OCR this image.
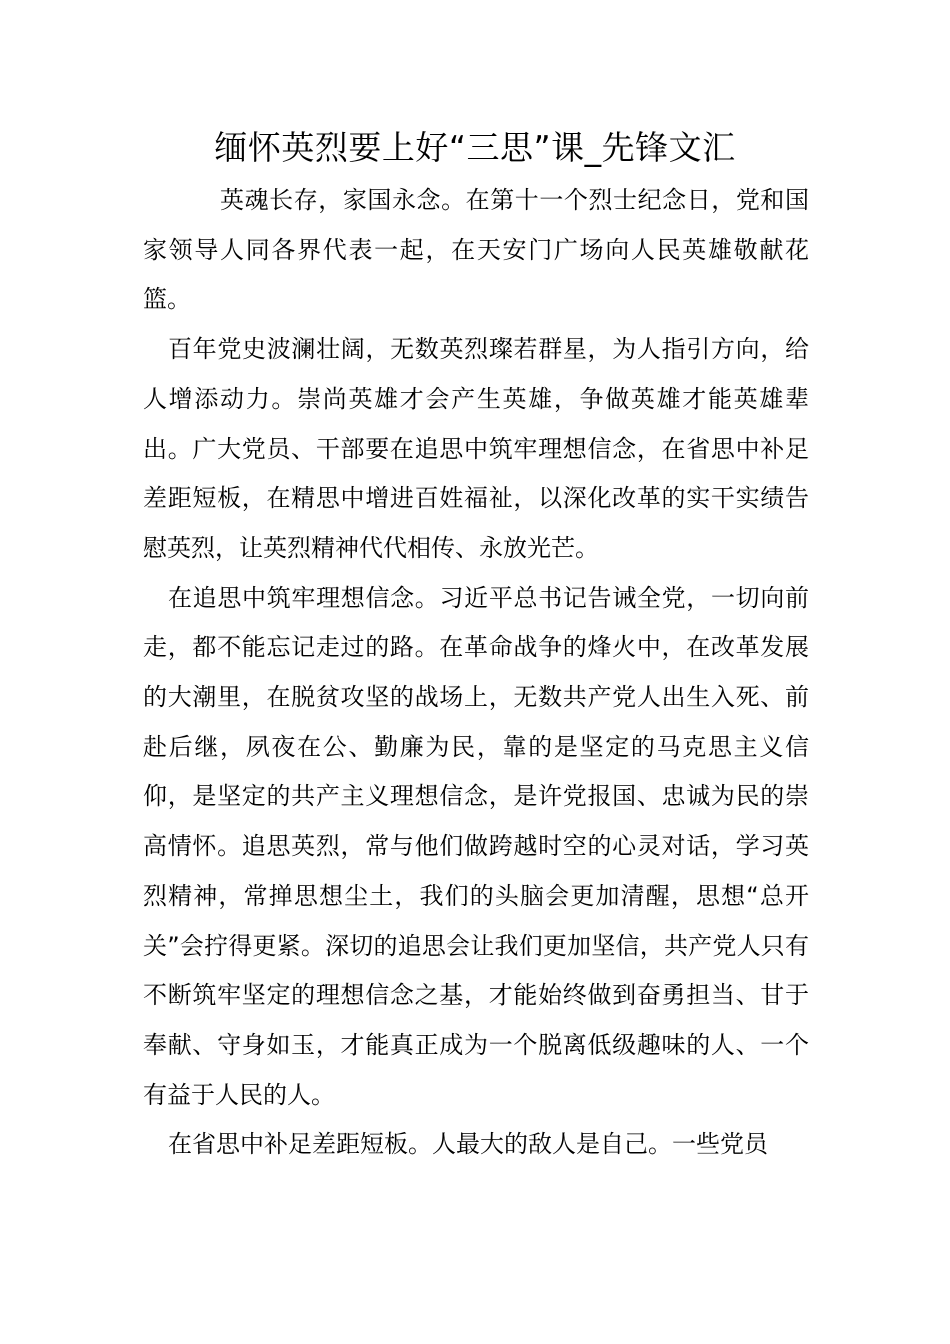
缅怀英烈要上好“三思”课_先锋文汇

英魂长存，家国永念。在第十一个烈士纪念日，党和国家领导人同各界代表一起，在天安门广场向人民英雄敬献花篮。

百年党史波澜壮阔，无数英烈璨若群星，为人指引方向，给人增添动力。崇尚英雄才会产生英雄，争做英雄才能英雄辈出。广大党员、干部要在追思中筑牢理想信念，在省思中补足差距短板，在精思中增进百姓福祉，以深化改革的实干实绩告慰英烈，让英烈精神代代相传、永放光芒。

在追思中筑牢理想信念。习近平总书记告诫全党，一切向前走，都不能忘记走过的路。在革命战争的烽火中，在改革发展的大潮里，在脱贫攻坚的战场上，无数共产党人出生入死、前赴后继，夙夜在公、勤廉为民，靠的是坚定的马克思主义信仰，是坚定的共产主义理想信念，是许党报国、忠诚为民的崇高情怀。追思英烈，常与他们做跨越时空的心灵对话，学习英烈精神，常掸思想尘土，我们的头脑会更加清醒，思想“总开关”会拧得更紧。深切的追思会让我们更加坚信，共产党人只有不断筑牢坚定的理想信念之基，才能始终做到奋勇担当、甘于奉献、守身如玉，才能真正成为一个脱离低级趣味的人、一个有益于人民的人。

在省思中补足差距短板。人最大的敌人是自己。一些党员
